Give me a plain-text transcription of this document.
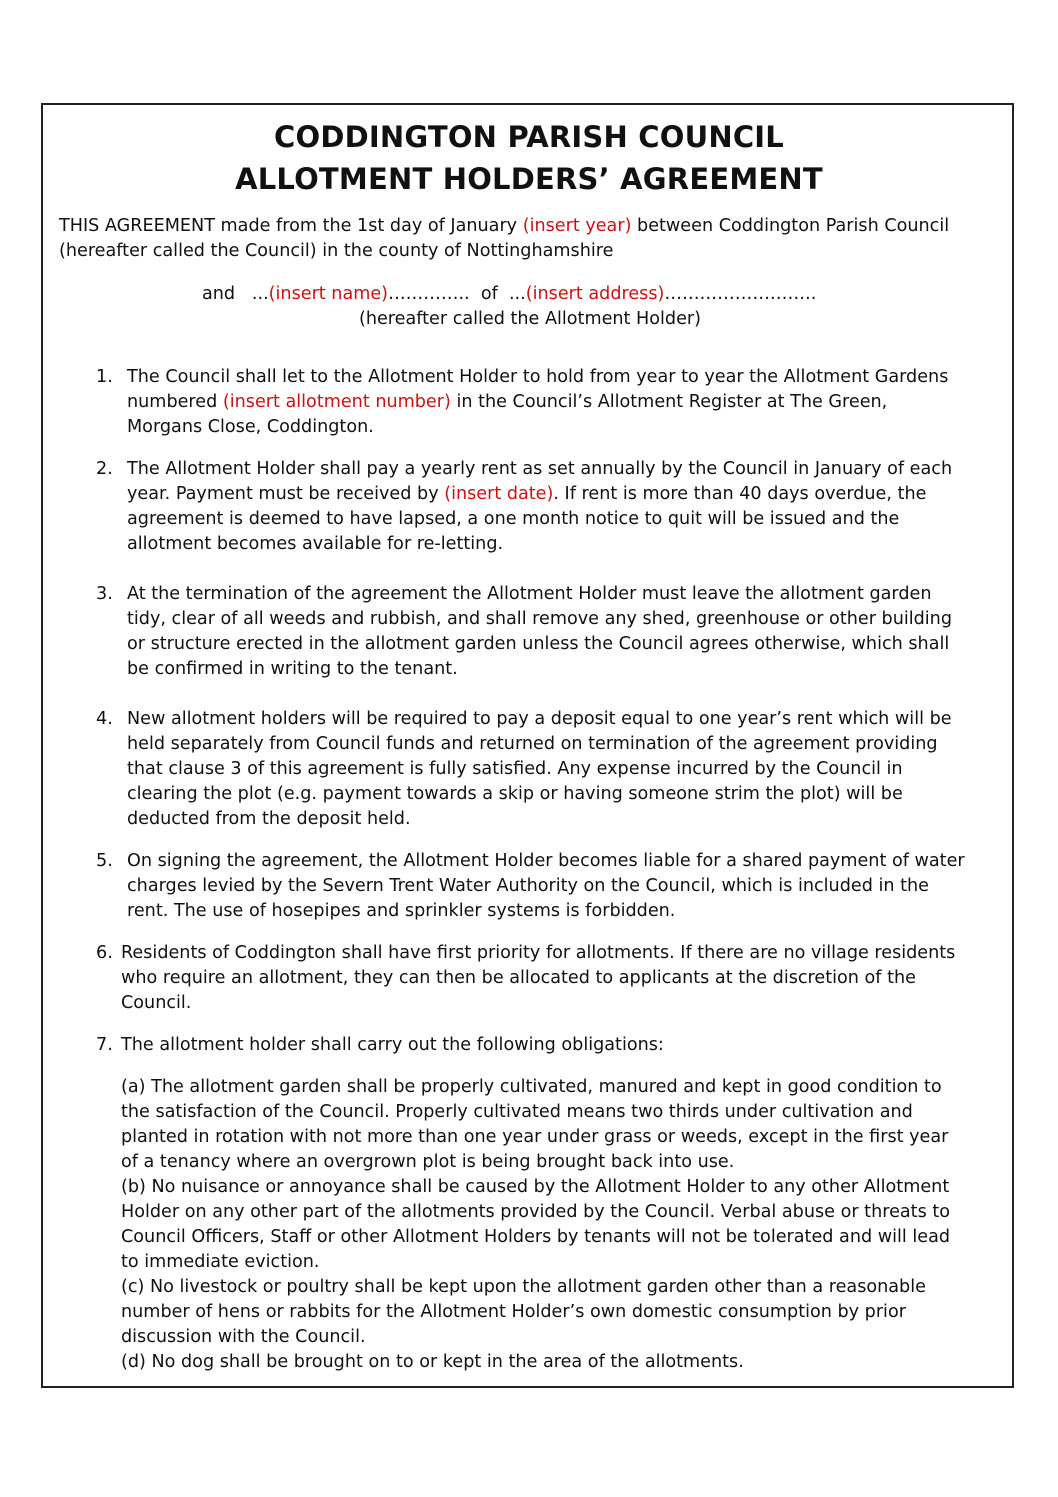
CODDINGTON PARISH COUNCIL
ALLOTMENT HOLDERS’ AGREEMENT

THIS AGREEMENT made from the 1st day of January (insert year) between Coddington Parish Council

(hereafter called the Council) in the county of Nottinghamshire

and ...(insert name)………….. of ...(insert address)……………………..

(hereafter called the Allotment Holder)

1. The Council shall let to the Allotment Holder to hold from year to year the Allotment Gardens

numbered (insert allotment number) in the Council’s Allotment Register at The Green,

Morgans Close, Coddington.

2. The Allotment Holder shall pay a yearly rent as set annually by the Council in January of each

year. Payment must be received by (insert date). If rent is more than 40 days overdue, the

agreement is deemed to have lapsed, a one month notice to quit will be issued and the

allotment becomes available for re-letting.

3. At the termination of the agreement the Allotment Holder must leave the allotment garden

tidy, clear of all weeds and rubbish, and shall remove any shed, greenhouse or other building

or structure erected in the allotment garden unless the Council agrees otherwise, which shall

be confirmed in writing to the tenant.

4. New allotment holders will be required to pay a deposit equal to one year’s rent which will be

held separately from Council funds and returned on termination of the agreement providing

that clause 3 of this agreement is fully satisfied. Any expense incurred by the Council in

clearing the plot (e.g. payment towards a skip or having someone strim the plot) will be

deducted from the deposit held.

5. On signing the agreement, the Allotment Holder becomes liable for a shared payment of water

charges levied by the Severn Trent Water Authority on the Council, which is included in the

rent. The use of hosepipes and sprinkler systems is forbidden.

6. Residents of Coddington shall have first priority for allotments. If there are no village residents

who require an allotment, they can then be allocated to applicants at the discretion of the

Council.

7. The allotment holder shall carry out the following obligations:

(a) The allotment garden shall be properly cultivated, manured and kept in good condition to

the satisfaction of the Council. Properly cultivated means two thirds under cultivation and

planted in rotation with not more than one year under grass or weeds, except in the first year

of a tenancy where an overgrown plot is being brought back into use.

(b) No nuisance or annoyance shall be caused by the Allotment Holder to any other Allotment

Holder on any other part of the allotments provided by the Council. Verbal abuse or threats to

Council Officers, Staff or other Allotment Holders by tenants will not be tolerated and will lead

to immediate eviction.

(c) No livestock or poultry shall be kept upon the allotment garden other than a reasonable

number of hens or rabbits for the Allotment Holder’s own domestic consumption by prior

discussion with the Council.

(d) No dog shall be brought on to or kept in the area of the allotments.
